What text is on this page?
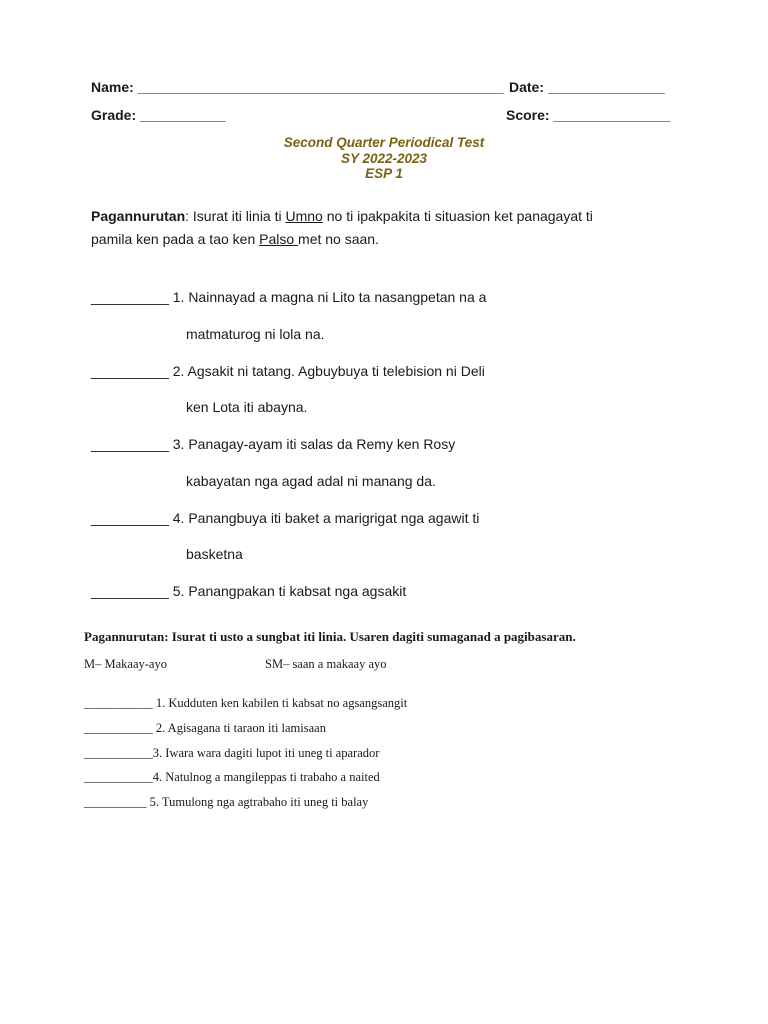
Name: _______________________________________________ Date: _______________
Grade: ___________	Score: _______________
Second Quarter Periodical Test
SY 2022-2023
ESP 1
Pagannurutan: Isurat iti linia ti Umno no ti ipakpakita ti situasion ket panagayat ti
pamila ken pada a tao ken Palso met no saan.
__________ 1. Nainnayad a magna ni Lito ta nasangpetan na a
matmaturog ni lola na.
__________ 2. Agsakit ni tatang. Agbuybuya ti telebision ni Deli
ken Lota iti abayna.
__________ 3. Panagay-ayam iti salas da Remy ken Rosy
kabayatan nga agad adal ni manang da.
__________ 4. Panangbuya iti baket a marigrigat nga agawit ti
basketna
__________ 5. Panangpakan ti kabsat nga agsakit
Pagannurutan: Isurat ti usto a sungbat iti linia. Usaren dagiti sumaganad a pagibasaran.
M– Makaay-ayo	SM– saan a makaay ayo
___________ 1. Kudduten ken kabilen ti kabsat no agsangsangit
___________ 2. Agisagana ti taraon iti lamisaan
___________3. Iwara wara dagiti lupot iti uneg ti aparador
___________4. Natulnog a mangileppas ti trabaho a naited
__________ 5. Tumulong nga agtrabaho iti uneg ti balay
